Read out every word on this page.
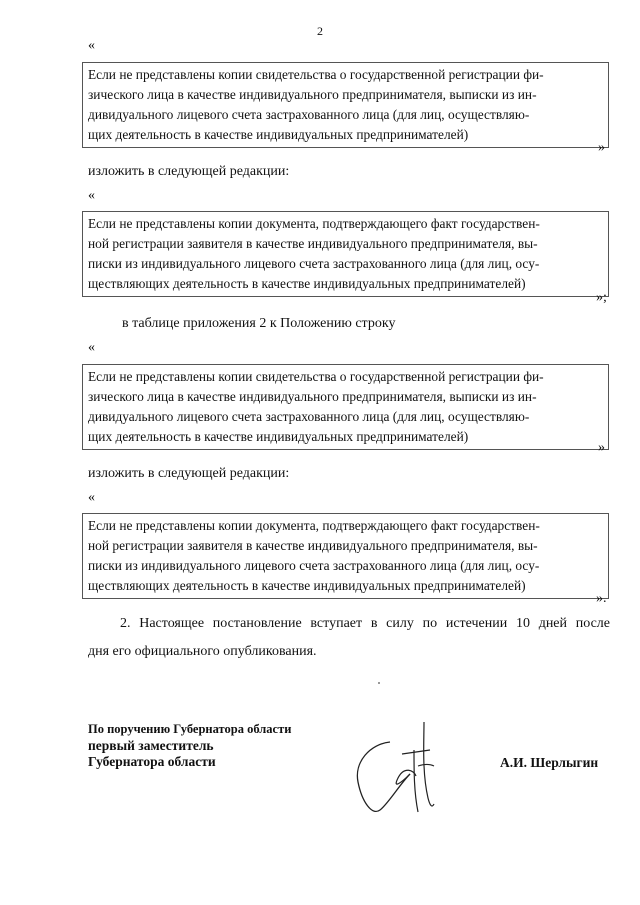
2
«
Если не представлены копии свидетельства о государственной регистрации фи-
зического лица в качестве индивидуального предпринимателя, выписки из ин-
дивидуального лицевого счета застрахованного лица (для лиц, осуществляю-
щих деятельность в качестве индивидуальных предпринимателей)
»
изложить в следующей редакции:
«
Если не представлены копии документа, подтверждающего факт государствен-
ной регистрации заявителя в качестве индивидуального предпринимателя, вы-
писки из индивидуального лицевого счета застрахованного лица (для лиц, осу-
ществляющих деятельность в качестве индивидуальных предпринимателей)
»;
в таблице приложения 2 к Положению строку
«
Если не представлены копии свидетельства о государственной регистрации фи-
зического лица в качестве индивидуального предпринимателя, выписки из ин-
дивидуального лицевого счета застрахованного лица (для лиц, осуществляю-
щих деятельность в качестве индивидуальных предпринимателей)
»
изложить в следующей редакции:
«
Если не представлены копии документа, подтверждающего факт государствен-
ной регистрации заявителя в качестве индивидуального предпринимателя, вы-
писки из индивидуального лицевого счета застрахованного лица (для лиц, осу-
ществляющих деятельность в качестве индивидуальных предпринимателей)
».
2. Настоящее постановление вступает в силу по истечении 10 дней после
дня его официального опубликования.
По поручению Губернатора области
первый заместитель
Губернатора области	А.И. Шерлыгин
